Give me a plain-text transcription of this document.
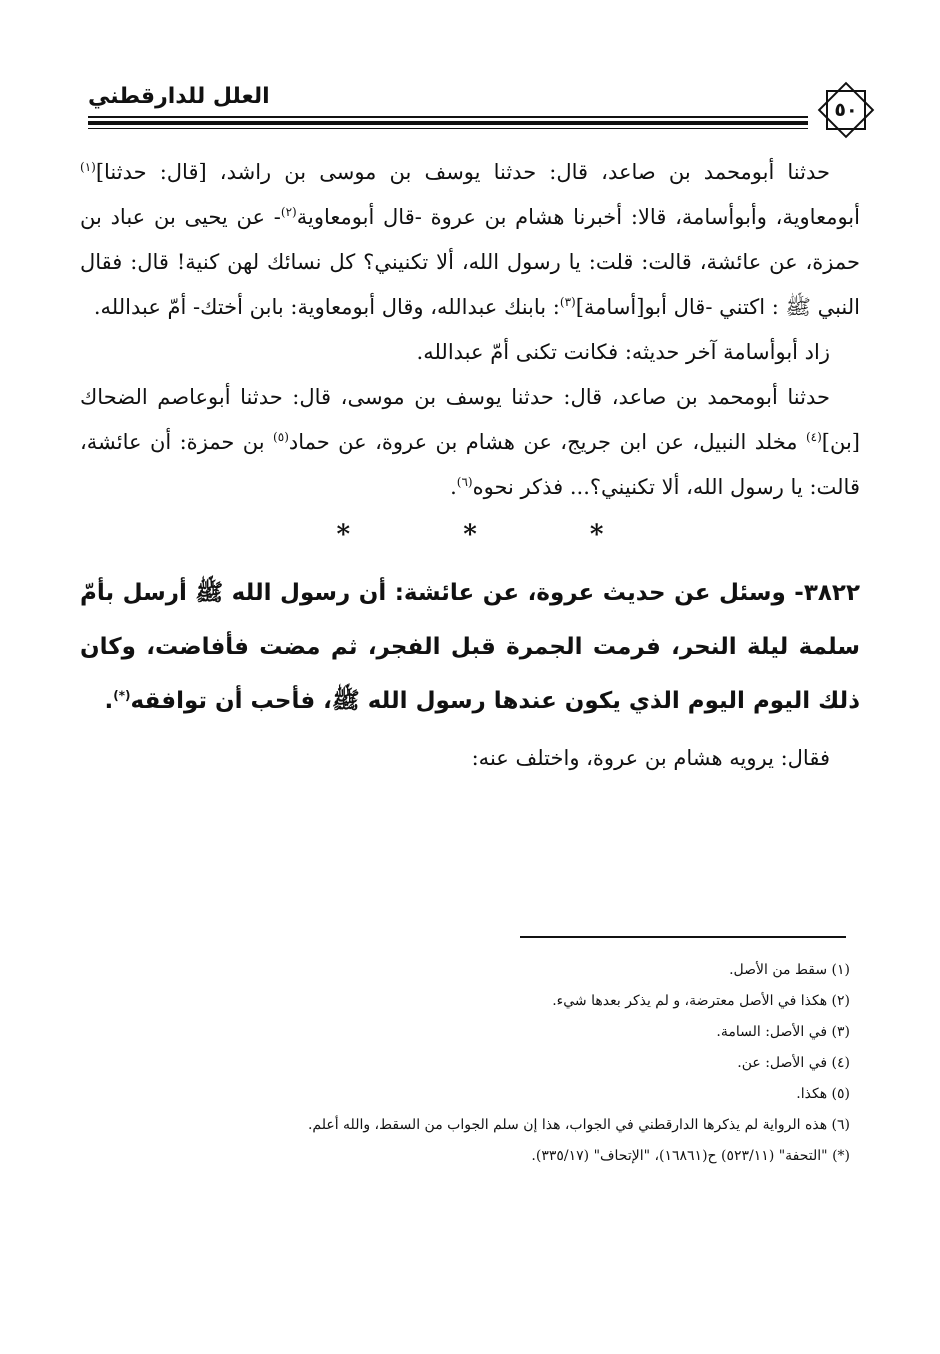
العلل للدارقطني
٥٠

حدثنا أبومحمد بن صاعد، قال: حدثنا يوسف بن موسى بن راشد، [قال: حدثنا]$^{(١)}$ أبومعاوية، وأبوأسامة، قالا: أخبرنا هشام بن عروة -قال أبومعاوية$^{(٢)}$- عن يحيى بن عباد بن حمزة، عن عائشة، قالت: قلت: يا رسول الله، ألا تكنيني؟ كل نسائك لهن كنية! قال: فقال النبي ﷺ : اكتني -قال أبو[أسامة]$^{(٣)}$: بابنك عبدالله، وقال أبومعاوية: بابن أختك- أمّ عبدالله.

زاد أبوأسامة آخر حديثه: فكانت تكنى أمّ عبدالله.

حدثنا أبومحمد بن صاعد، قال: حدثنا يوسف بن موسى، قال: حدثنا أبوعاصم الضحاك [بن]$^{(٤)}$ مخلد النبيل، عن ابن جريج، عن هشام بن عروة، عن حماد$^{(٥)}$ بن حمزة: أن عائشة، قالت: يا رسول الله، ألا تكنيني؟... فذكر نحوه$^{(٦)}$.

* * *

٣٨٢٢- وسئل عن حديث عروة، عن عائشة: أن رسول الله ﷺ أرسل بأمّ سلمة ليلة النحر، فرمت الجمرة قبل الفجر، ثم مضت فأفاضت، وكان ذلك اليوم اليوم الذي يكون عندها رسول الله ﷺ، فأحب أن توافقه(*).

فقال: يرويه هشام بن عروة، واختلف عنه:

(١) سقط من الأصل.

(٢) هكذا في الأصل معترضة، و لم يذكر بعدها شيء.

(٣) في الأصل: السامة.

(٤) في الأصل: عن.

(٥) هكذا.

(٦) هذه الرواية لم يذكرها الدارقطني في الجواب، هذا إن سلم الجواب من السقط، والله أعلم.

(*) "التحفة" (٥٢٣/١١) ح(١٦٨٦١)، "الإتحاف" (٣٣٥/١٧).
